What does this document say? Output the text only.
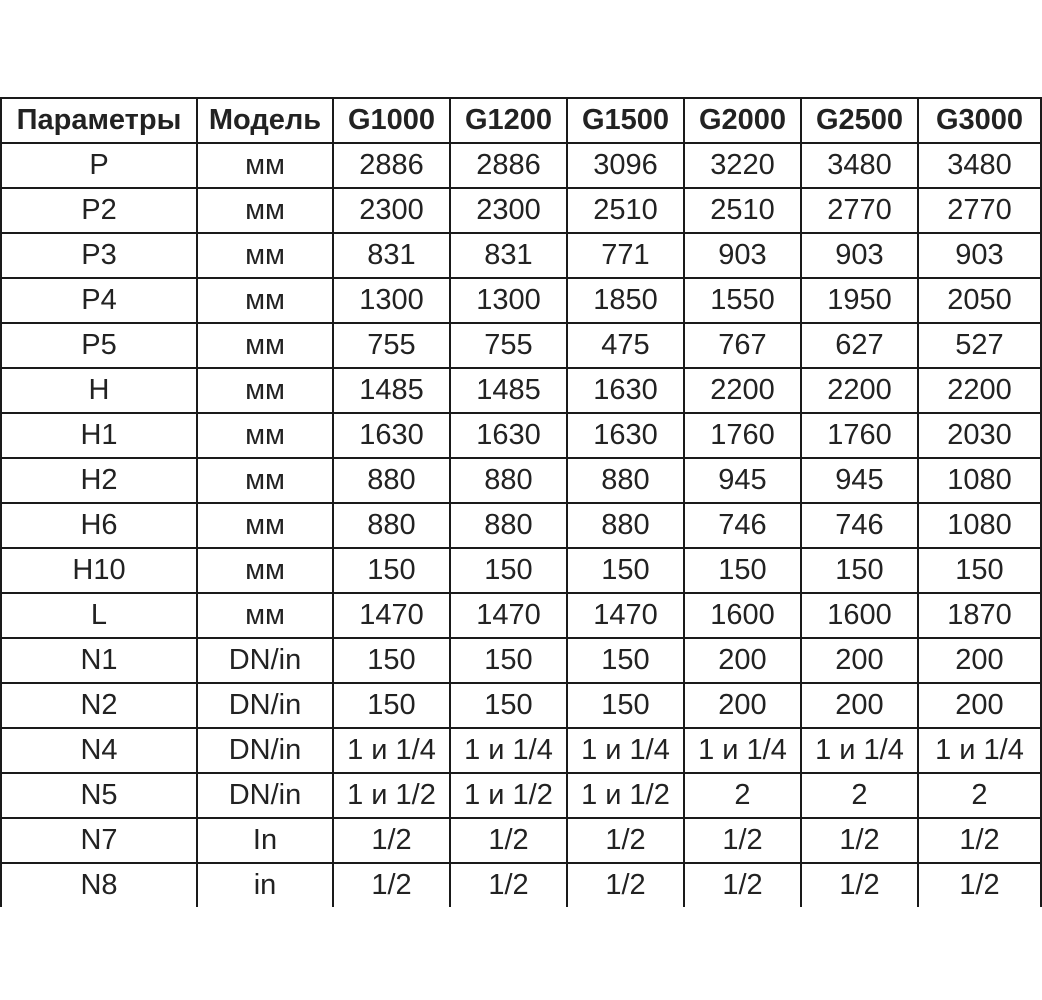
Параметры	Модель	G1000	G1200	G1500	G2000	G2500	G3000
P	мм	2886	2886	3096	3220	3480	3480
P2	мм	2300	2300	2510	2510	2770	2770
P3	мм	831	831	771	903	903	903
P4	мм	1300	1300	1850	1550	1950	2050
P5	мм	755	755	475	767	627	527
H	мм	1485	1485	1630	2200	2200	2200
H1	мм	1630	1630	1630	1760	1760	2030
H2	мм	880	880	880	945	945	1080
H6	мм	880	880	880	746	746	1080
H10	мм	150	150	150	150	150	150
L	мм	1470	1470	1470	1600	1600	1870
N1	DN/in	150	150	150	200	200	200
N2	DN/in	150	150	150	200	200	200
N4	DN/in	1 и 1/4	1 и 1/4	1 и 1/4	1 и 1/4	1 и 1/4	1 и 1/4
N5	DN/in	1 и 1/2	1 и 1/2	1 и 1/2	2	2	2
N7	In	1/2	1/2	1/2	1/2	1/2	1/2
N8	in	1/2	1/2	1/2	1/2	1/2	1/2
